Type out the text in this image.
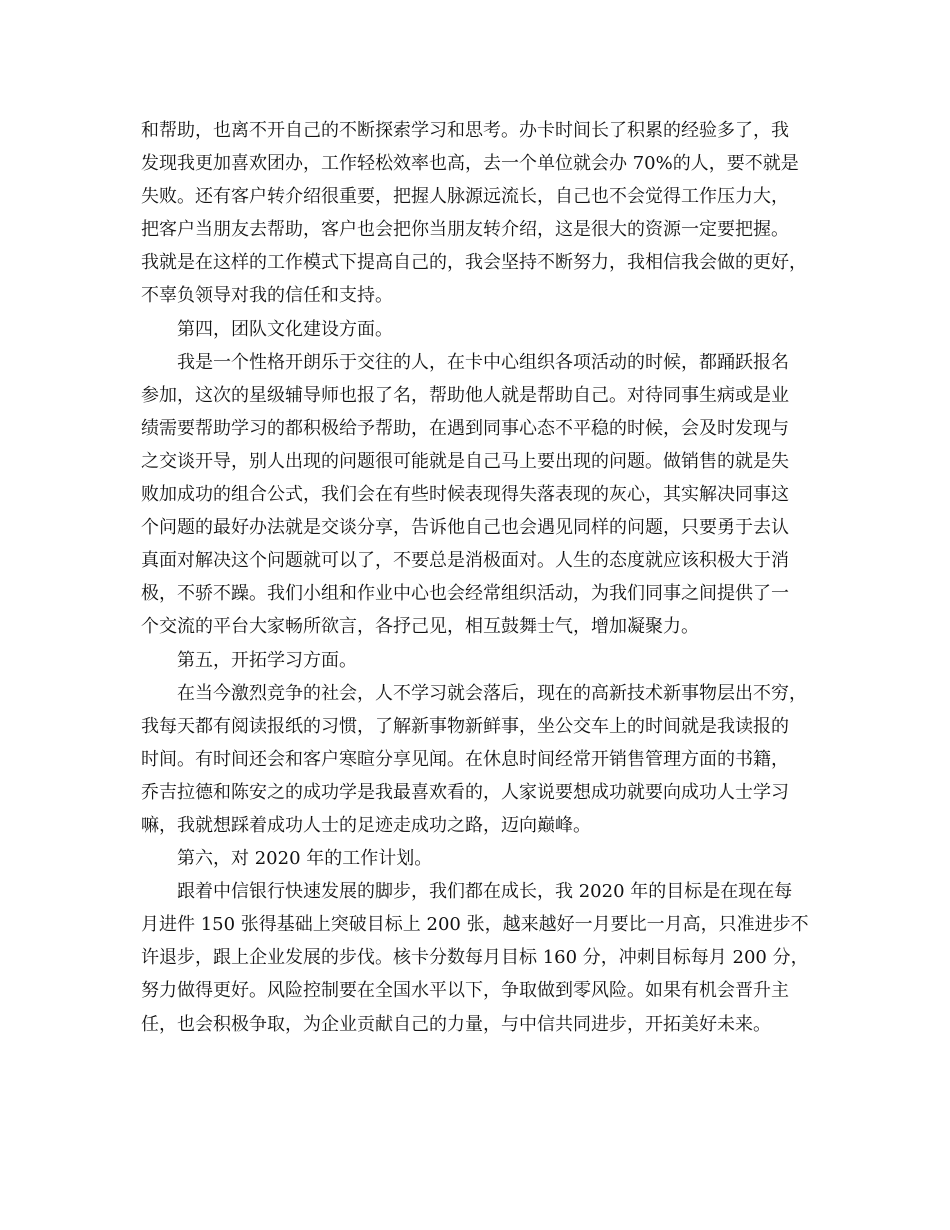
和帮助，也离不开自己的不断探索学习和思考。办卡时间长了积累的经验多了，我
发现我更加喜欢团办，工作轻松效率也高，去一个单位就会办 70%的人，要不就是
失败。还有客户转介绍很重要，把握人脉源远流长，自己也不会觉得工作压力大，
把客户当朋友去帮助，客户也会把你当朋友转介绍，这是很大的资源一定要把握。
我就是在这样的工作模式下提高自己的，我会坚持不断努力，我相信我会做的更好，
不辜负领导对我的信任和支持。
第四，团队文化建设方面。
我是一个性格开朗乐于交往的人，在卡中心组织各项活动的时候，都踊跃报名
参加，这次的星级辅导师也报了名，帮助他人就是帮助自己。对待同事生病或是业
绩需要帮助学习的都积极给予帮助，在遇到同事心态不平稳的时候，会及时发现与
之交谈开导，别人出现的问题很可能就是自己马上要出现的问题。做销售的就是失
败加成功的组合公式，我们会在有些时候表现得失落表现的灰心，其实解决同事这
个问题的最好办法就是交谈分享，告诉他自己也会遇见同样的问题，只要勇于去认
真面对解决这个问题就可以了，不要总是消极面对。人生的态度就应该积极大于消
极，不骄不躁。我们小组和作业中心也会经常组织活动，为我们同事之间提供了一
个交流的平台大家畅所欲言，各抒己见，相互鼓舞士气，增加凝聚力。
第五，开拓学习方面。
在当今激烈竞争的社会，人不学习就会落后，现在的高新技术新事物层出不穷，
我每天都有阅读报纸的习惯，了解新事物新鲜事，坐公交车上的时间就是我读报的
时间。有时间还会和客户寒暄分享见闻。在休息时间经常开销售管理方面的书籍，
乔吉拉德和陈安之的成功学是我最喜欢看的，人家说要想成功就要向成功人士学习
嘛，我就想踩着成功人士的足迹走成功之路，迈向巅峰。
第六，对 2020 年的工作计划。
跟着中信银行快速发展的脚步，我们都在成长，我 2020 年的目标是在现在每
月进件 150 张得基础上突破目标上 200 张，越来越好一月要比一月高，只准进步不
许退步，跟上企业发展的步伐。核卡分数每月目标 160 分，冲刺目标每月 200 分，
努力做得更好。风险控制要在全国水平以下，争取做到零风险。如果有机会晋升主
任，也会积极争取，为企业贡献自己的力量，与中信共同进步，开拓美好未来。
